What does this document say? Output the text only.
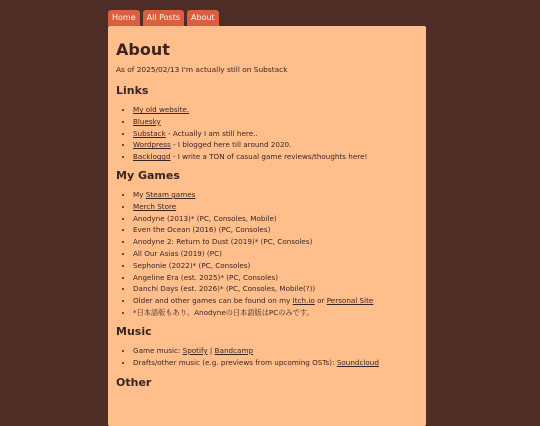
Home	All Posts	About
About

As of 2025/02/13 I'm actually still on Substack

Links
• My old website.
• Bluesky
• Substack - Actually I am still here..
• Wordpress - I blogged here till around 2020.
• Backloggd - I write a TON of casual game reviews/thoughts here!
My Games
• My Steam games
• Merch Store
• Anodyne (2013)* (PC, Consoles, Mobile)
• Even the Ocean (2016) (PC, Consoles)
• Anodyne 2: Return to Dust (2019)* (PC, Consoles)
• All Our Asias (2019) (PC)
• Sephonie (2022)* (PC, Consoles)
• Angeline Era (est. 2025)* (PC, Consoles)
• Danchi Days (est. 2026)* (PC, Consoles, Mobile(?))
• Older and other games can be found on my Itch.io or Personal Site
• *日本語版もあり。Anodyneの日本語版はPCのみです。
Music
• Game music: Spotify | Bandcamp
• Drafts/other music (e.g. previews from upcoming OSTs): Soundcloud
Other
